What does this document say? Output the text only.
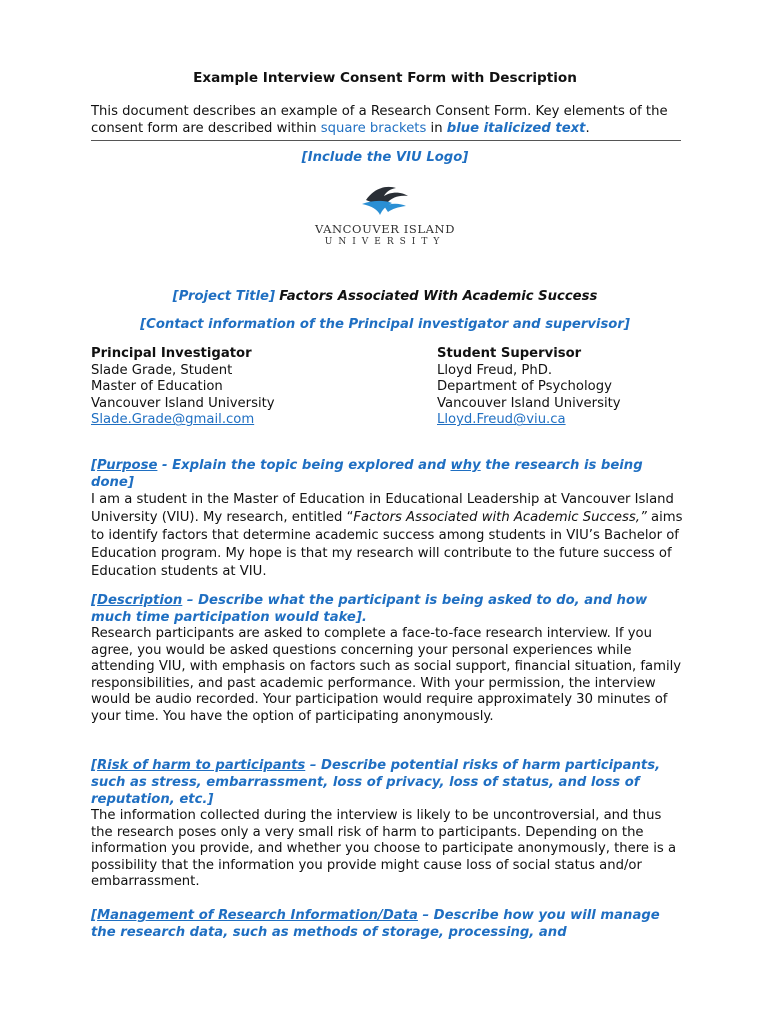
Example Interview Consent Form with Description
This document describes an example of a Research Consent Form. Key elements of the consent form are described within square brackets in blue italicized text.
[Include the VIU Logo]
VANCOUVER ISLAND
UNIVERSITY
[Project Title] Factors Associated With Academic Success
[Contact information of the Principal investigator and supervisor]
Principal Investigator
Slade Grade, Student
Master of Education
Vancouver Island University
Slade.Grade@gmail.com
Student Supervisor
Lloyd Freud, PhD.
Department of Psychology
Vancouver Island University
Lloyd.Freud@viu.ca
[Purpose - Explain the topic being explored and why the research is being done]

I am a student in the Master of Education in Educational Leadership at Vancouver Island University (VIU). My research, entitled “Factors Associated with Academic Success,” aims to identify factors that determine academic success among students in VIU’s Bachelor of Education program. My hope is that my research will contribute to the future success of Education students at VIU.

[Description – Describe what the participant is being asked to do, and how much time participation would take].

Research participants are asked to complete a face-to-face research interview. If you agree, you would be asked questions concerning your personal experiences while attending VIU, with emphasis on factors such as social support, financial situation, family responsibilities, and past academic performance. With your permission, the interview would be audio recorded. Your participation would require approximately 30 minutes of your time. You have the option of participating anonymously.

[Risk of harm to participants – Describe potential risks of harm participants, such as stress, embarrassment, loss of privacy, loss of status, and loss of reputation, etc.]

The information collected during the interview is likely to be uncontroversial, and thus the research poses only a very small risk of harm to participants. Depending on the information you provide, and whether you choose to participate anonymously, there is a possibility that the information you provide might cause loss of social status and/or embarrassment.

[Management of Research Information/Data – Describe how you will manage the research data, such as methods of storage, processing, and
